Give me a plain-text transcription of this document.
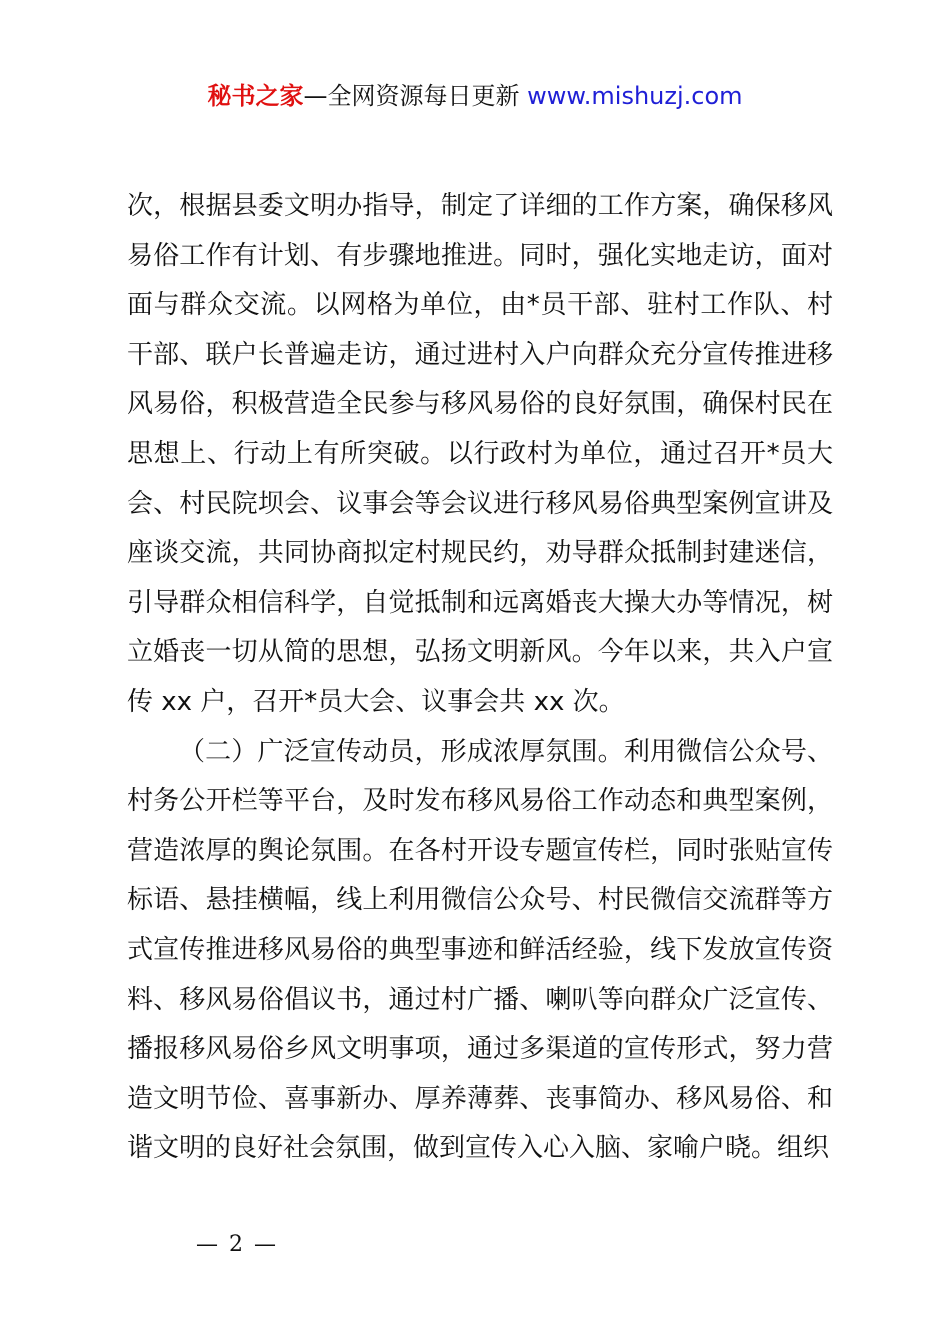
秘书之家—全网资源每日更新 www.mishuzj.com

次，根据县委文明办指导，制定了详细的工作方案，确保移风易俗工作有计划、有步骤地推进。同时，强化实地走访，面对面与群众交流。以网格为单位，由*员干部、驻村工作队、村干部、联户长普遍走访，通过进村入户向群众充分宣传推进移风易俗，积极营造全民参与移风易俗的良好氛围，确保村民在思想上、行动上有所突破。以行政村为单位，通过召开*员大会、村民院坝会、议事会等会议进行移风易俗典型案例宣讲及座谈交流，共同协商拟定村规民约，劝导群众抵制封建迷信，引导群众相信科学，自觉抵制和远离婚丧大操大办等情况，树立婚丧一切从简的思想，弘扬文明新风。今年以来，共入户宣传 xx 户，召开*员大会、议事会共 xx 次。

（二）广泛宣传动员，形成浓厚氛围。利用微信公众号、村务公开栏等平台，及时发布移风易俗工作动态和典型案例，营造浓厚的舆论氛围。在各村开设专题宣传栏，同时张贴宣传标语、悬挂横幅，线上利用微信公众号、村民微信交流群等方式宣传推进移风易俗的典型事迹和鲜活经验，线下发放宣传资料、移风易俗倡议书，通过村广播、喇叭等向群众广泛宣传、播报移风易俗乡风文明事项，通过多渠道的宣传形式，努力营造文明节俭、喜事新办、厚养薄葬、丧事简办、移风易俗、和谐文明的良好社会氛围，做到宣传入心入脑、家喻户晓。组织

— 2 —
